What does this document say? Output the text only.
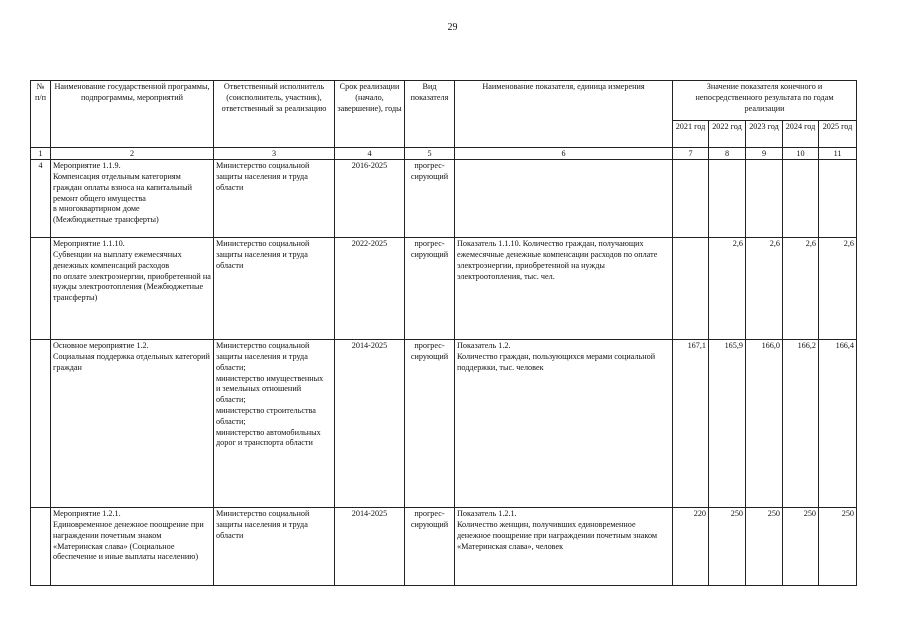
29
№ п/п	Наименование государственной программы, подпрограммы, мероприятий	Ответственный исполнитель (соисполнитель, участник), ответственный за реализацию	Срок реализации (начало, завершение), годы	Вид показателя	Наименование показателя, единица измерения	Значение показателя конечного и непосредственного результата по годам реализации				
						2021 год	2022 год	2023 год	2024 год	2025 год
1	2	3	4	5	6	7	8	9	10	11
4	Мероприятие 1.1.9.
Компенсация отдельным категориям граждан оплаты взноса на капитальный ремонт общего имущества
в многоквартирном доме
(Межбюджетные трансферты)	Министерство социальной защиты населения и труда области	2016-2025	прогрес-
сирующий						
	Мероприятие 1.1.10.
Субвенции на выплату ежемесячных денежных компенсаций расходов
по оплате электроэнергии, приобретенной на нужды электроотопления (Межбюджетные трансферты)	Министерство социальной защиты населения и труда области	2022-2025	прогрес-
сирующий	Показатель 1.1.10. Количество граждан, получающих ежемесячные денежные компенсации расходов по оплате электроэнергии, приобретенной на нужды электроотопления, тыс. чел.		2,6	2,6	2,6	2,6
	Основное мероприятие 1.2.
Социальная поддержка отдельных категорий граждан	Министерство социальной защиты населения и труда области;
министерство имущественных
и земельных отношений области;
министерство строительства области;
министерство автомобильных дорог и транспорта области	2014-2025	прогрес-
сирующий	Показатель 1.2.
Количество граждан, пользующихся мерами социальной поддержки, тыс. человек	167,1	165,9	166,0	166,2	166,4
	Мероприятие 1.2.1.
Единовременное денежное поощрение при награждении почетным знаком «Материнская слава» (Социальное обеспечение и иные выплаты населению)	Министерство социальной защиты населения и труда области	2014-2025	прогрес-
сирующий	Показатель 1.2.1.
Количество женщин, получивших единовременное денежное поощрение при награждении почетным знаком «Материнская слава», человек	220	250	250	250	250
